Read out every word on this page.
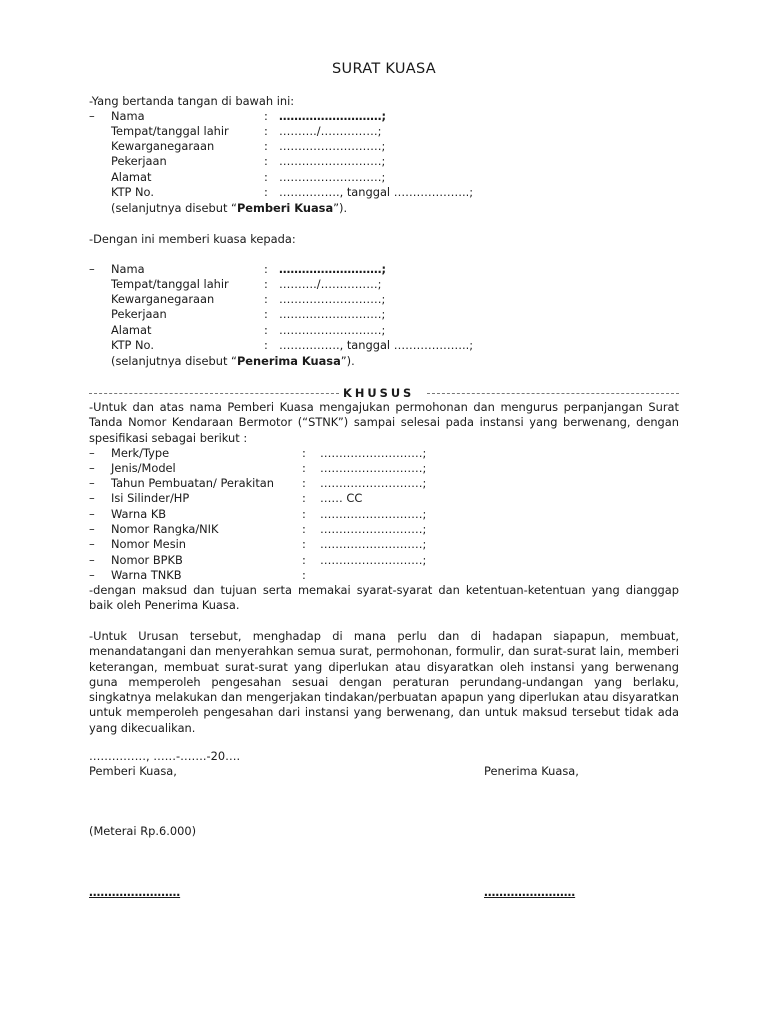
SURAT KUASA
-Yang bertanda tangan di bawah ini:
– Nama	: ………………………;
Tempat/tanggal lahir	: ………./……………;
Kewarganegaraan	: ………………………;
Pekerjaan	: ………………………;
Alamat	: ………………………;
KTP No.	: ……………., tanggal ………………..;
(selanjutnya disebut “Pemberi Kuasa”).
-Dengan ini memberi kuasa kepada:
– Nama	: ………………………;
Tempat/tanggal lahir	: ………./……………;
Kewarganegaraan	: ………………………;
Pekerjaan	: ………………………;
Alamat	: ………………………;
KTP No.	: ……………., tanggal ………………..;
(selanjutnya disebut “Penerima Kuasa”).
KHUSUS

-Untuk dan atas nama Pemberi Kuasa mengajukan permohonan dan mengurus perpanjangan Surat Tanda Nomor Kendaraan Bermotor (“STNK”) sampai selesai pada instansi yang berwenang, dengan spesifikasi sebagai berikut :

– Merk/Type	: ………………………;
– Jenis/Model	: ………………………;
– Tahun Pembuatan/ Perakitan : ………………………;
– Isi Silinder/HP	: …… CC
– Warna KB	: ………………………;
– Nomor Rangka/NIK	: ………………………;
– Nomor Mesin	: ………………………;
– Nomor BPKB	: ………………………;
– Warna TNKB	:

-dengan maksud dan tujuan serta memakai syarat-syarat dan ketentuan-ketentuan yang dianggap baik oleh Penerima Kuasa.

-Untuk Urusan tersebut, menghadap di mana perlu dan di hadapan siapapun, membuat, menandatangani dan menyerahkan semua surat, permohonan, formulir, dan surat-surat lain, memberi keterangan, membuat surat-surat yang diperlukan atau disyaratkan oleh instansi yang berwenang guna memperoleh pengesahan sesuai dengan peraturan perundang-undangan yang berlaku, singkatnya melakukan dan mengerjakan tindakan/perbuatan apapun yang diperlukan atau disyaratkan untuk memperoleh pengesahan dari instansi yang berwenang, dan untuk maksud tersebut tidak ada yang dikecualikan.

……………, ……-…….-20….
Pemberi Kuasa,	Penerima Kuasa,
(Meterai Rp.6.000)
……………………	……………………
